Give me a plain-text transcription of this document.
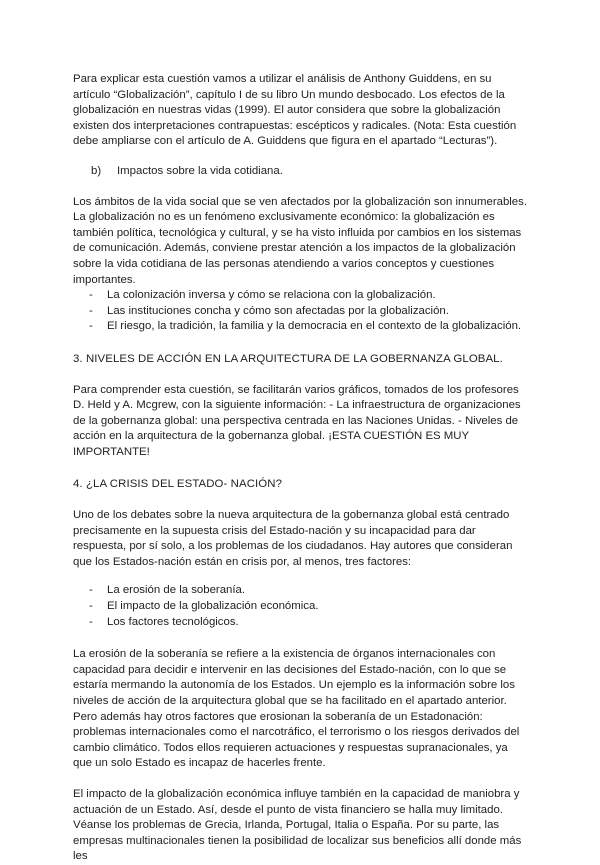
Para explicar esta cuestión vamos a utilizar el análisis de Anthony Guiddens, en su artículo “Globalización”, capítulo I de su libro Un mundo desbocado. Los efectos de la globalización en nuestras vidas (1999). El autor considera que sobre la globalización existen dos interpretaciones contrapuestas: escépticos y radicales. (Nota: Esta cuestión debe ampliarse con el artículo de A. Guiddens que figura en el apartado “Lecturas”).

b) Impactos sobre la vida cotidiana.

Los ámbitos de la vida social que se ven afectados por la globalización son innumerables. La globalización no es un fenómeno exclusivamente económico: la globalización es también política, tecnológica y cultural, y se ha visto influida por cambios en los sistemas de comunicación. Además, conviene prestar atención a los impactos de la globalización sobre la vida cotidiana de las personas atendiendo a varios conceptos y cuestiones importantes.

- La colonización inversa y cómo se relaciona con la globalización.
- Las instituciones concha y cómo son afectadas por la globalización.
- El riesgo, la tradición, la familia y la democracia en el contexto de la globalización.

3. NIVELES DE ACCIÓN EN LA ARQUITECTURA DE LA GOBERNANZA GLOBAL.

Para comprender esta cuestión, se facilitarán varios gráficos, tomados de los profesores D. Held y A. Mcgrew, con la siguiente información: - La infraestructura de organizaciones de la gobernanza global: una perspectiva centrada en las Naciones Unidas. - Niveles de acción en la arquitectura de la gobernanza global. ¡ESTA CUESTIÓN ES MUY IMPORTANTE!

4. ¿LA CRISIS DEL ESTADO- NACIÓN?

Uno de los debates sobre la nueva arquitectura de la gobernanza global está centrado precisamente en la supuesta crisis del Estado-nación y su incapacidad para dar respuesta, por sí solo, a los problemas de los ciudadanos. Hay autores que consideran que los Estados-nación están en crisis por, al menos, tres factores:

- La erosión de la soberanía.
- El impacto de la globalización económica.
- Los factores tecnológicos.

La erosión de la soberanía se refiere a la existencia de órganos internacionales con capacidad para decidir e intervenir en las decisiones del Estado-nación, con lo que se estaría mermando la autonomía de los Estados. Un ejemplo es la información sobre los niveles de acción de la arquitectura global que se ha facilitado en el apartado anterior. Pero además hay otros factores que erosionan la soberanía de un Estadonación: problemas internacionales como el narcotráfico, el terrorismo o los riesgos derivados del cambio climático. Todos ellos requieren actuaciones y respuestas supranacionales, ya que un solo Estado es incapaz de hacerles frente.

El impacto de la globalización económica influye también en la capacidad de maniobra y actuación de un Estado. Así, desde el punto de vista financiero se halla muy limitado. Véanse los problemas de Grecia, Irlanda, Portugal, Italia o España. Por su parte, las empresas multinacionales tienen la posibilidad de localizar sus beneficios allí donde más les
